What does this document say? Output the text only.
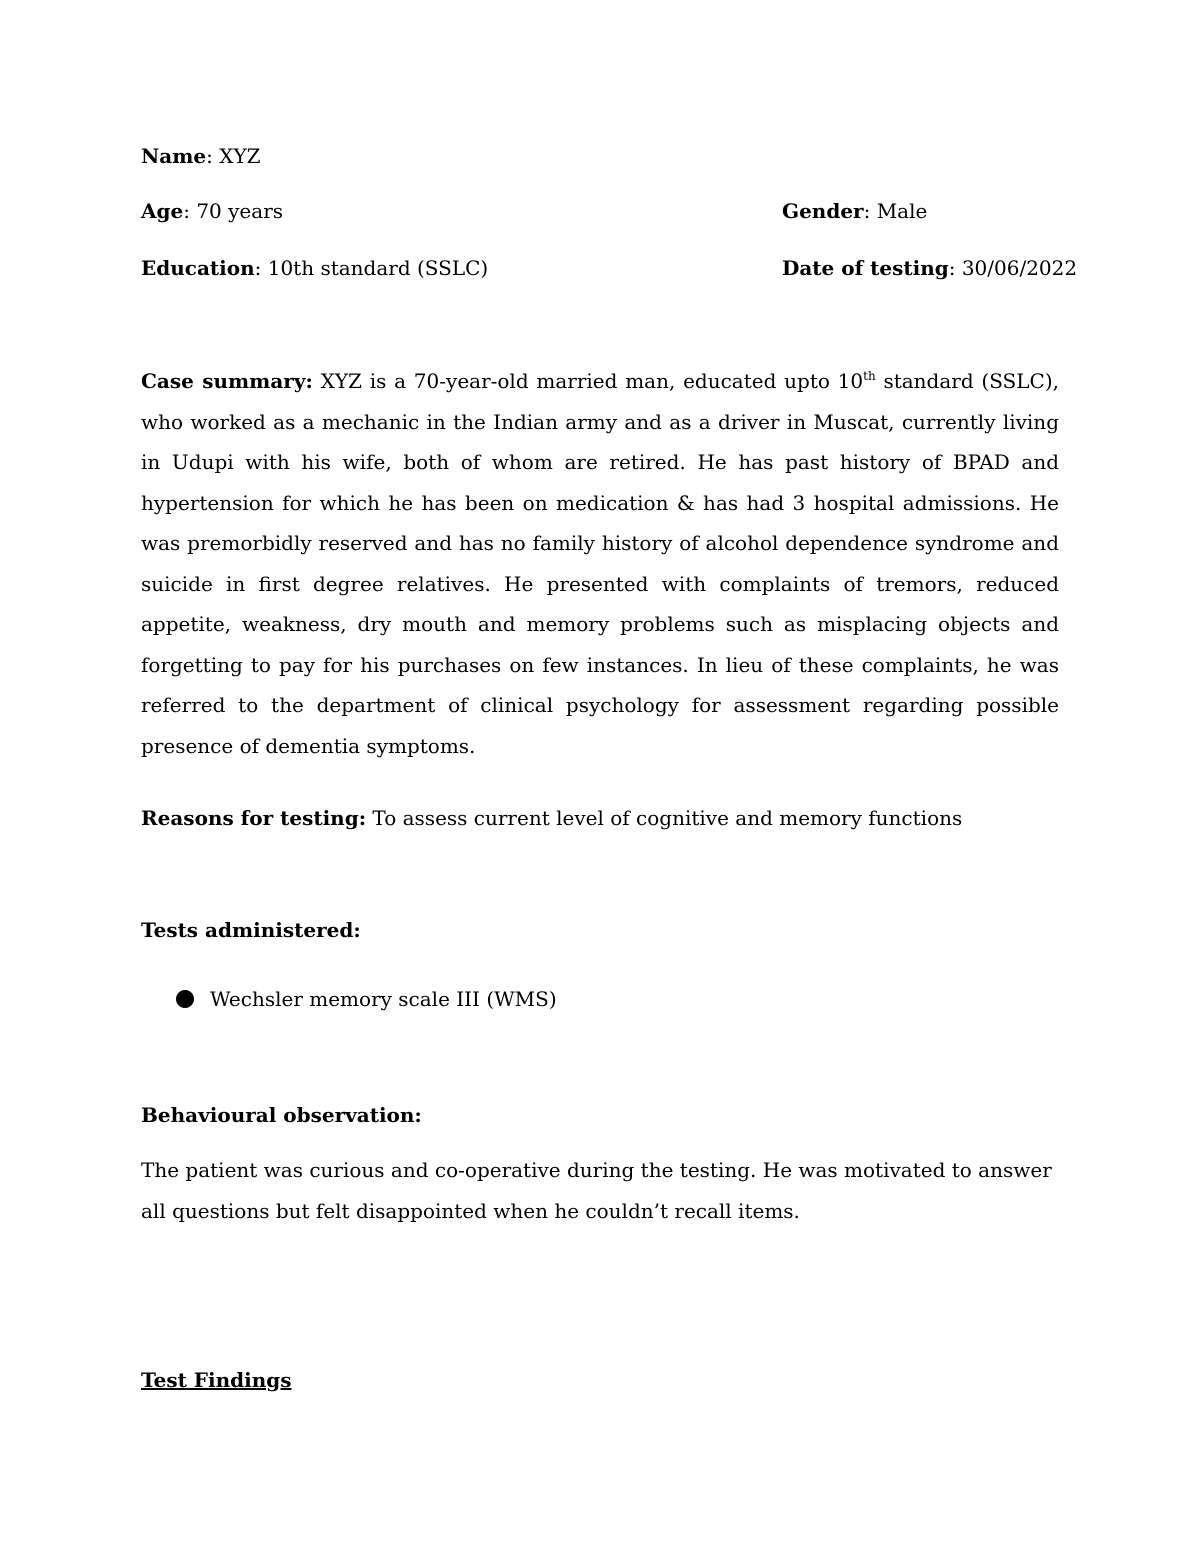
Name: XYZ
Age: 70 years	Gender: Male
Education: 10th standard (SSLC)	Date of testing: 30/06/2022
Case summary: XYZ is a 70-year-old married man, educated upto 10th standard (SSLC), who worked as a mechanic in the Indian army and as a driver in Muscat, currently living in Udupi with his wife, both of whom are retired. He has past history of BPAD and hypertension for which he has been on medication & has had 3 hospital admissions. He was premorbidly reserved and has no family history of alcohol dependence syndrome and suicide in first degree relatives. He presented with complaints of tremors, reduced appetite, weakness, dry mouth and memory problems such as misplacing objects and forgetting to pay for his purchases on few instances. In lieu of these complaints, he was referred to the department of clinical psychology for assessment regarding possible presence of dementia symptoms.
Reasons for testing: To assess current level of cognitive and memory functions
Tests administered:
Wechsler memory scale III (WMS)
Behavioural observation:
The patient was curious and co-operative during the testing. He was motivated to answer all questions but felt disappointed when he couldn’t recall items.
Test Findings
